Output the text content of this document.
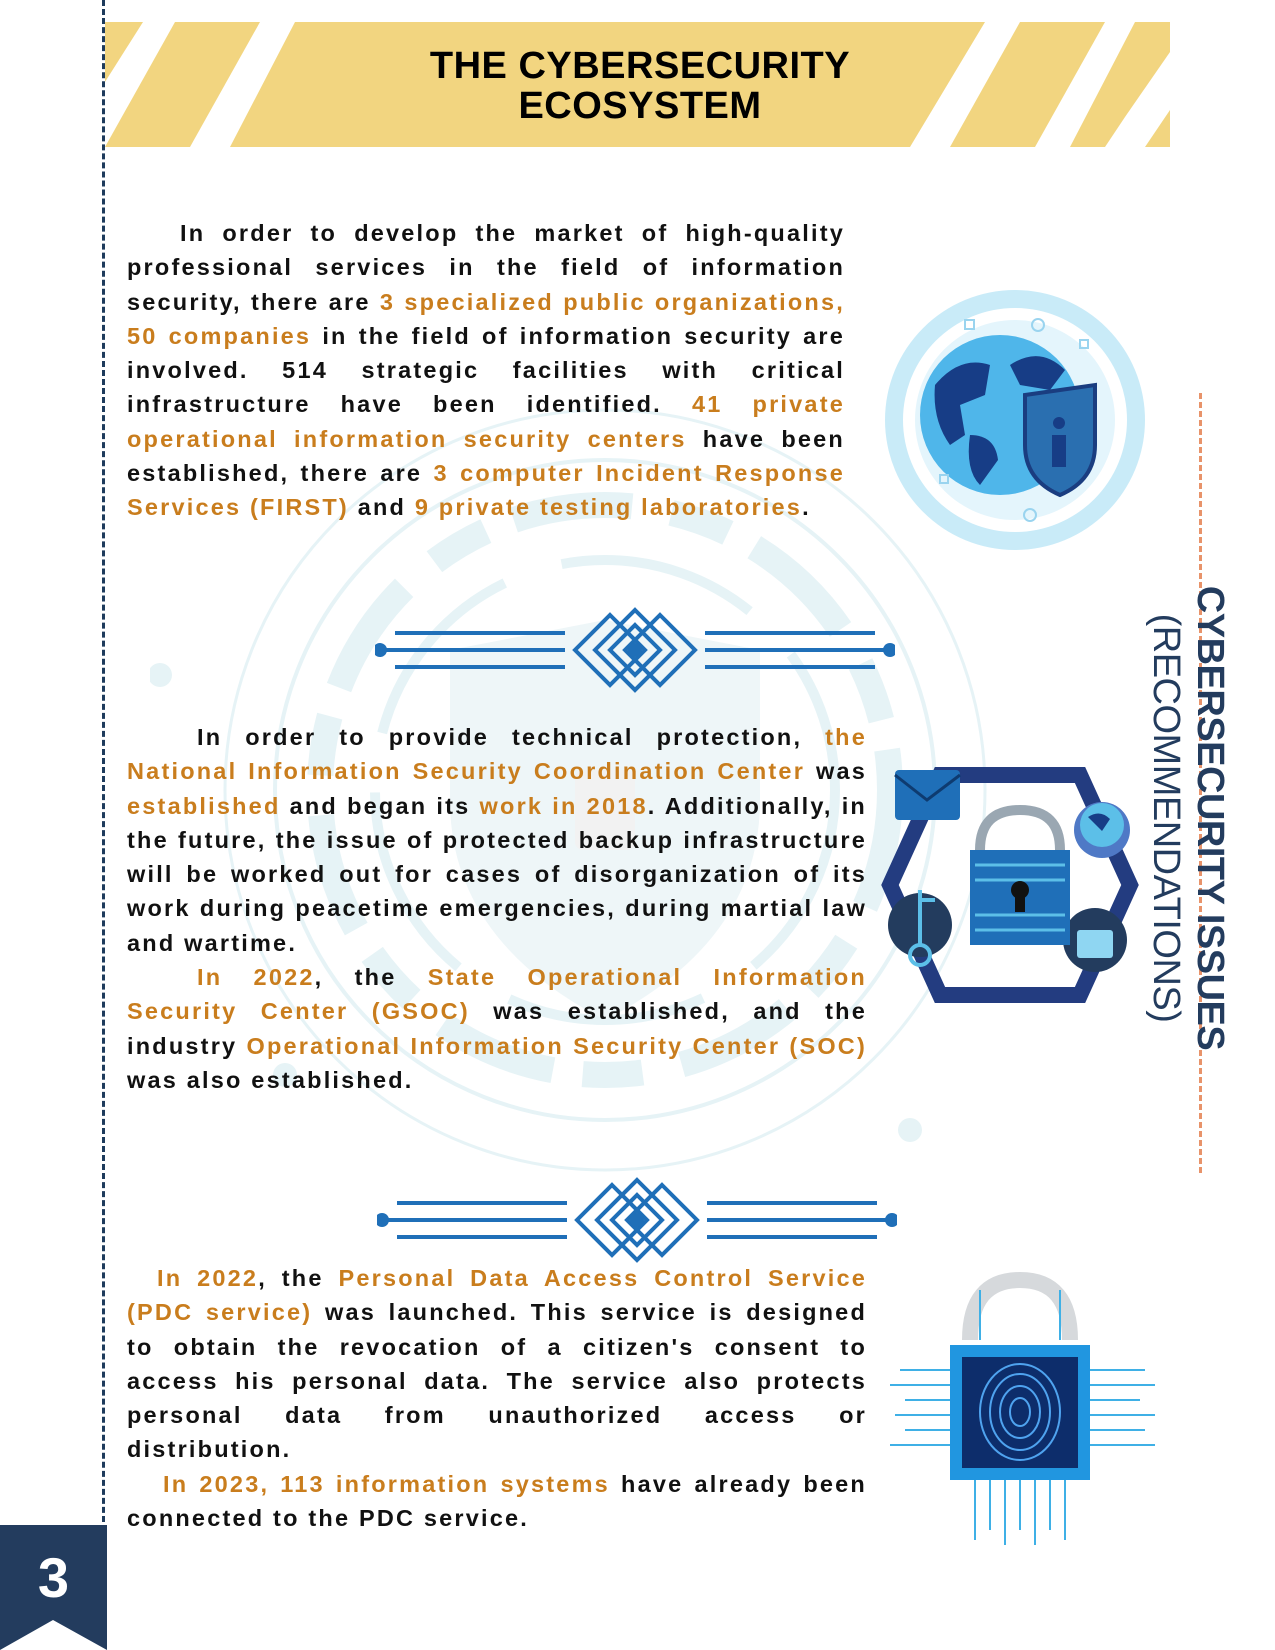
THE CYBERSECURITY
ECOSYSTEM

In order to develop the market of high-quality professional services in the field of information security, there are 3 specialized public organizations, 50 companies in the field of information security are involved. 514 strategic facilities with critical infrastructure have been identified. 41 private operational information security centers have been established, there are 3 computer Incident Response Services (FIRST) and 9 private testing laboratories.

In order to provide technical protection, the National Information Security Coordination Center was established and began its work in 2018. Additionally, in the future, the issue of protected backup infrastructure will be worked out for cases of disorganization of its work during peacetime emergencies, during martial law and wartime.

In 2022, the State Operational Information Security Center (GSOC) was established, and the industry Operational Information Security Center (SOC) was also established.

CYBERSECURITY ISSUES
(RECOMMENDATIONS)

In 2022, the Personal Data Access Control Service (PDC service) was launched. This service is designed to obtain the revocation of a citizen's consent to access his personal data. The service also protects personal data from unauthorized access or distribution.

In 2023, 113 information systems have already been connected to the PDC service.

3
